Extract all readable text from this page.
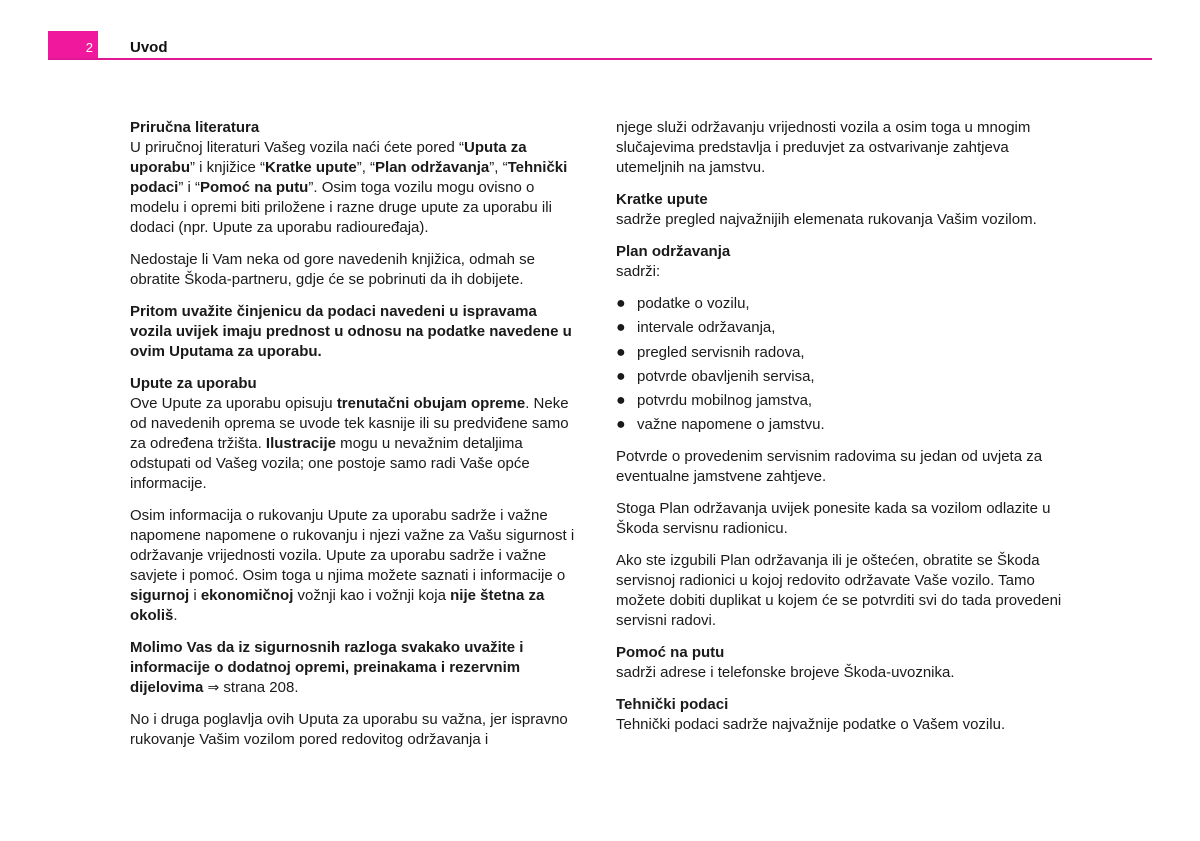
2	Uvod
Priručna literatura

U priručnoj literaturi Vašeg vozila naći ćete pored “Uputa za uporabu” i knjižice “Kratke upute”, “Plan održavanja”, “Tehnički podaci” i “Pomoć na putu”. Osim toga vozilu mogu ovisno o modelu i opremi biti priložene i razne druge upute za uporabu ili dodaci (npr. Upute za uporabu radiouređaja).

Nedostaje li Vam neka od gore navedenih knjižica, odmah se obratite Škoda-partneru, gdje će se pobrinuti da ih dobijete.

Pritom uvažite činjenicu da podaci navedeni u ispravama vozila uvijek imaju prednost u odnosu na podatke navedene u ovim Uputama za uporabu.

Upute za uporabu

Ove Upute za uporabu opisuju trenutačni obujam opreme. Neke od navedenih oprema se uvode tek kasnije ili su predviđene samo za određena tržišta. Ilustracije mogu u nevažnim detaljima odstupati od Vašeg vozila; one postoje samo radi Vaše opće informacije.

Osim informacija o rukovanju Upute za uporabu sadrže i važne napomene napomene o rukovanju i njezi važne za Vašu sigurnost i održavanje vrijednosti vozila. Upute za uporabu sadrže i važne savjete i pomoć. Osim toga u njima možete saznati i informacije o sigurnoj i ekonomičnoj vožnji kao i vožnji koja nije štetna za okoliš.

Molimo Vas da iz sigurnosnih razloga svakako uvažite i informacije o dodatnoj opremi, preinakama i rezervnim dijelovima ⇒ strana 208.

No i druga poglavlja ovih Uputa za uporabu su važna, jer ispravno rukovanje Vašim vozilom pored redovitog održavanja i

njege služi održavanju vrijednosti vozila a osim toga u mnogim slučajevima predstavlja i preduvjet za ostvarivanje zahtjeva utemeljnih na jamstvu.

Kratke upute

sadrže pregled najvažnijih elemenata rukovanja Vašim vozilom.

Plan održavanja

sadrži:

● podatke o vozilu,
● intervale održavanja,
● pregled servisnih radova,
● potvrde obavljenih servisa,
● potvrdu mobilnog jamstva,
● važne napomene o jamstvu.

Potvrde o provedenim servisnim radovima su jedan od uvjeta za eventualne jamstvene zahtjeve.

Stoga Plan održavanja uvijek ponesite kada sa vozilom odlazite u Škoda servisnu radionicu.

Ako ste izgubili Plan održavanja ili je oštećen, obratite se Škoda servisnoj radionici u kojoj redovito održavate Vaše vozilo. Tamo možete dobiti duplikat u kojem će se potvrditi svi do tada provedeni servisni radovi.

Pomoć na putu

sadrži adrese i telefonske brojeve Škoda-uvoznika.

Tehnički podaci

Tehnički podaci sadrže najvažnije podatke o Vašem vozilu.
